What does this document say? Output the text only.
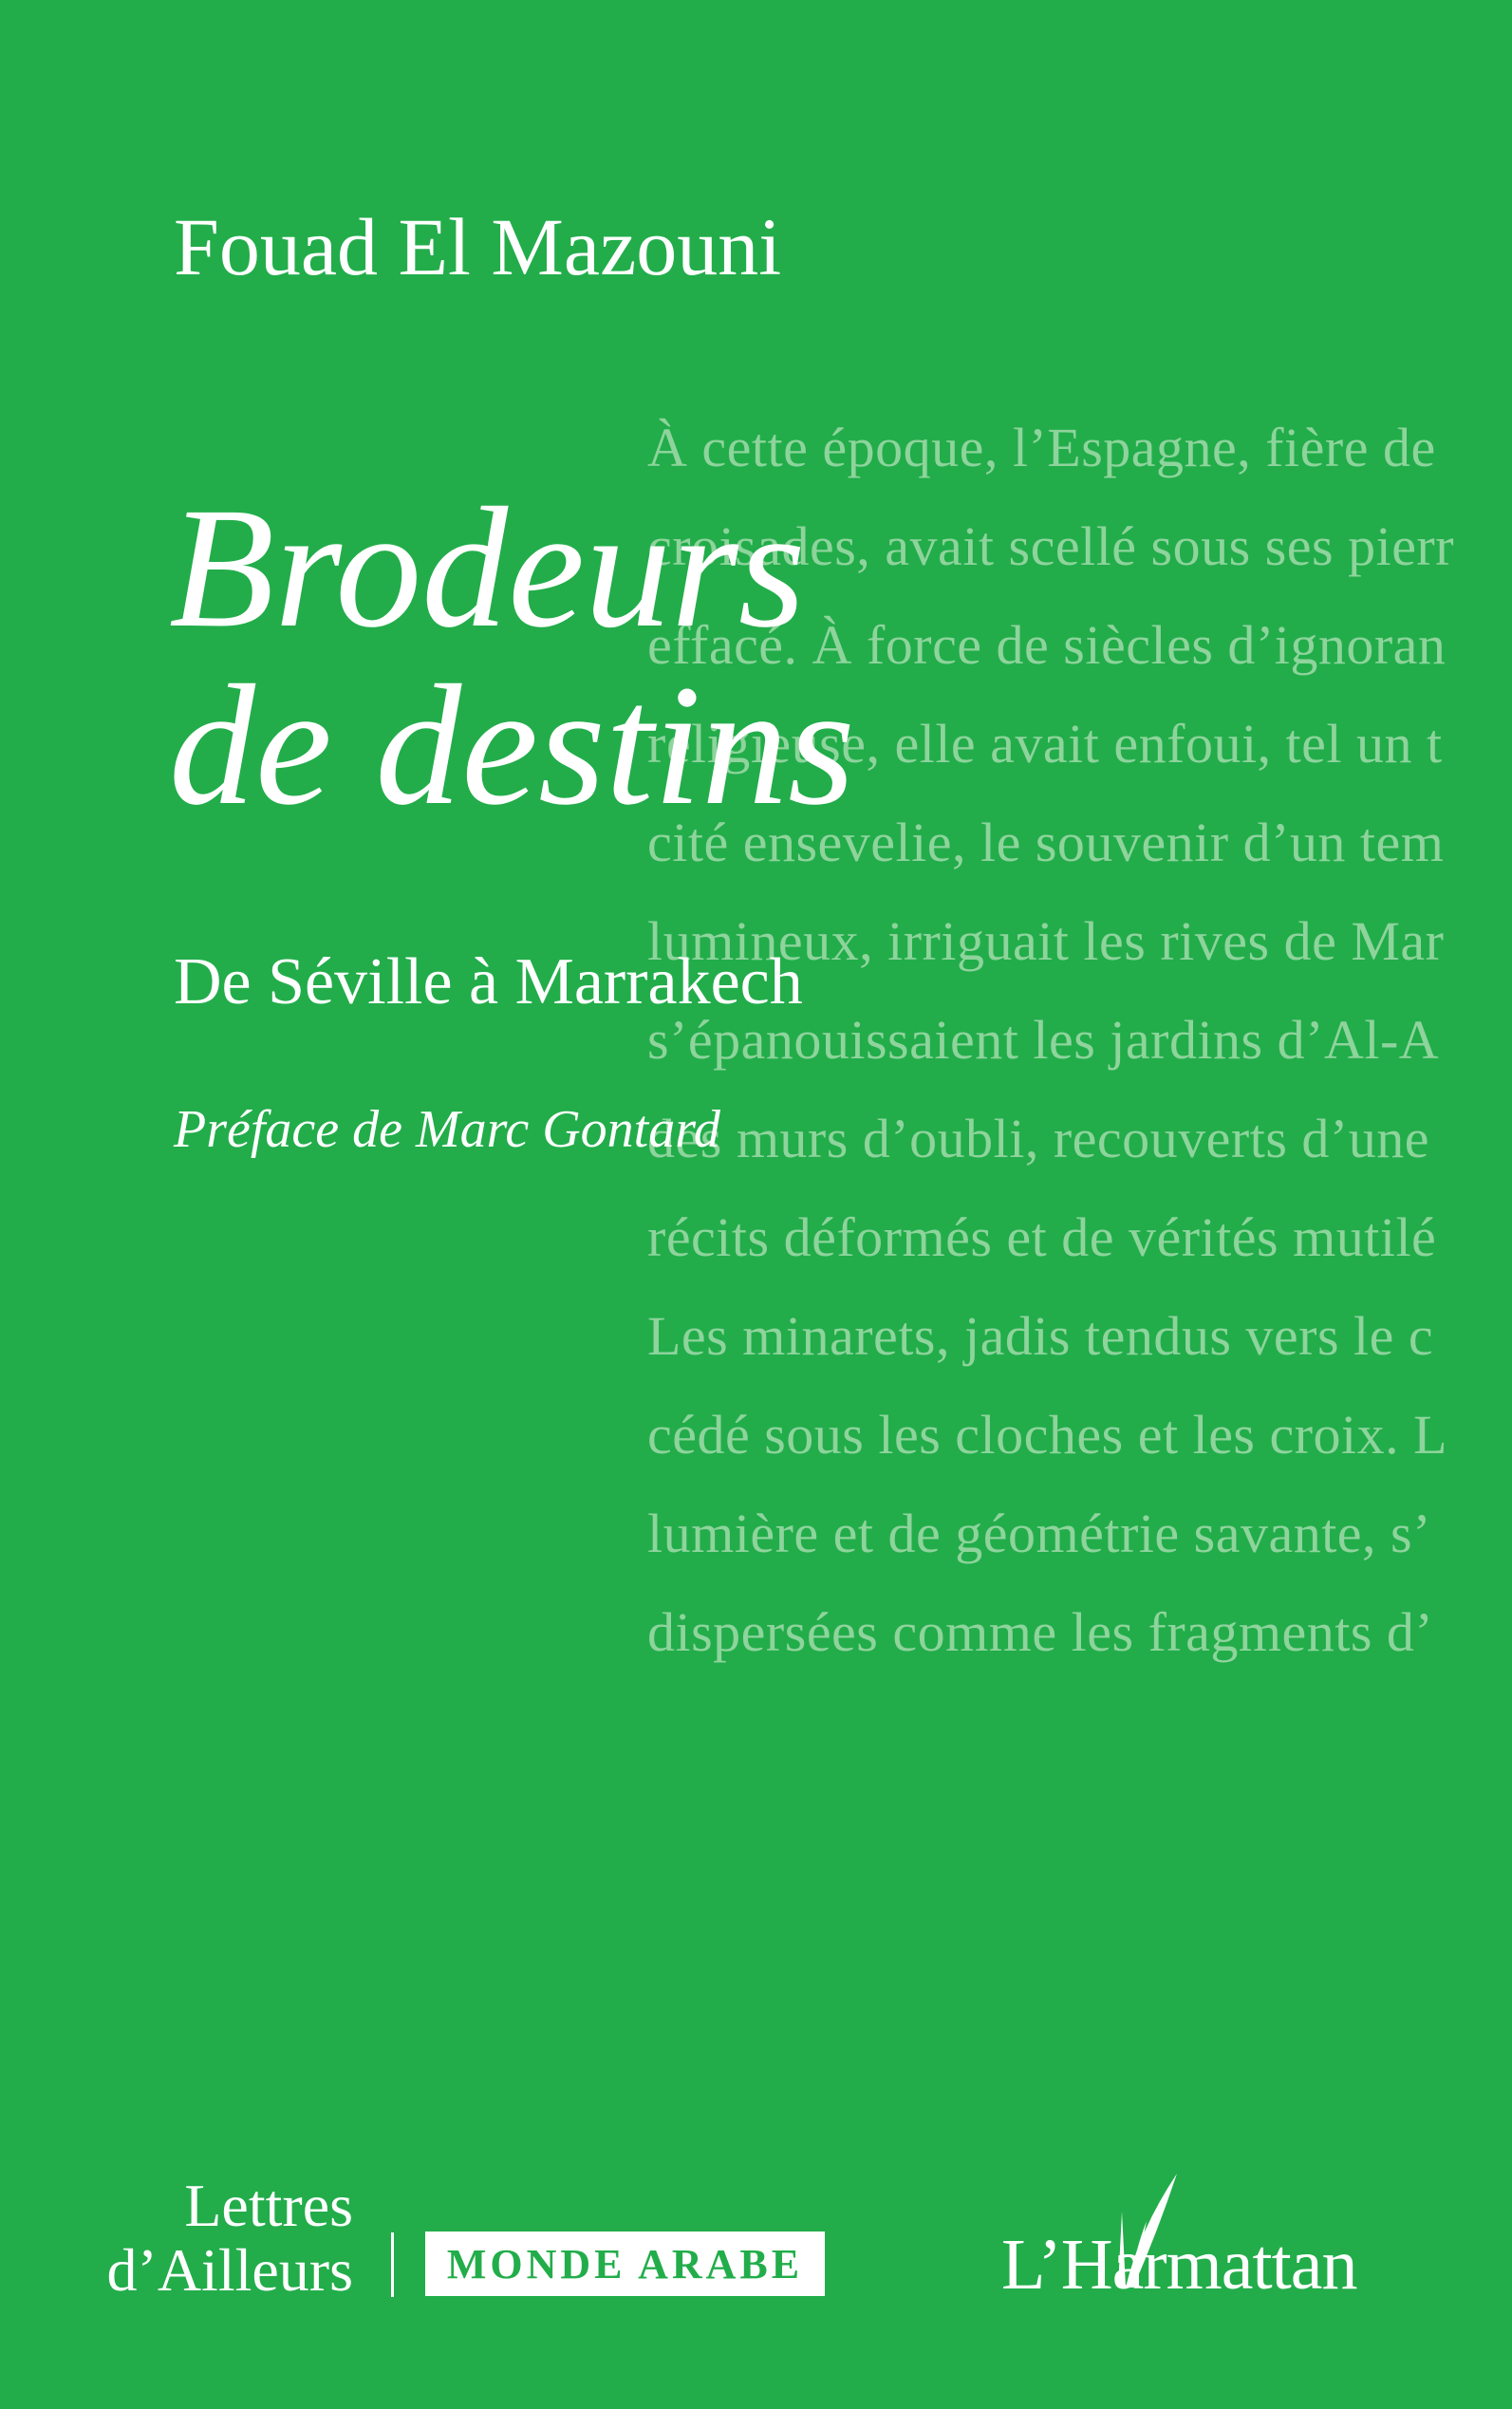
À cette époque, l’Espagne, fière de
croisades, avait scellé sous ses pierr
effacé. À force de siècles d’ignoran
religieuse, elle avait enfoui, tel un t
cité ensevelie, le souvenir d’un tem
lumineux, irriguait les rives de Mar
s’épanouissaient les jardins d’Al-A
des murs d’oubli, recouverts d’une
récits déformés et de vérités mutilé
Les minarets, jadis tendus vers le c
cédé sous les cloches et les croix. L
lumière et de géométrie savante, s’
dispersées comme les fragments d’
Fouad El Mazouni
Brodeurs
de destins
De Séville à Marrakech
Préface de Marc Gontard
Lettres
d’Ailleurs	MONDE ARABE	L’Harmattan
